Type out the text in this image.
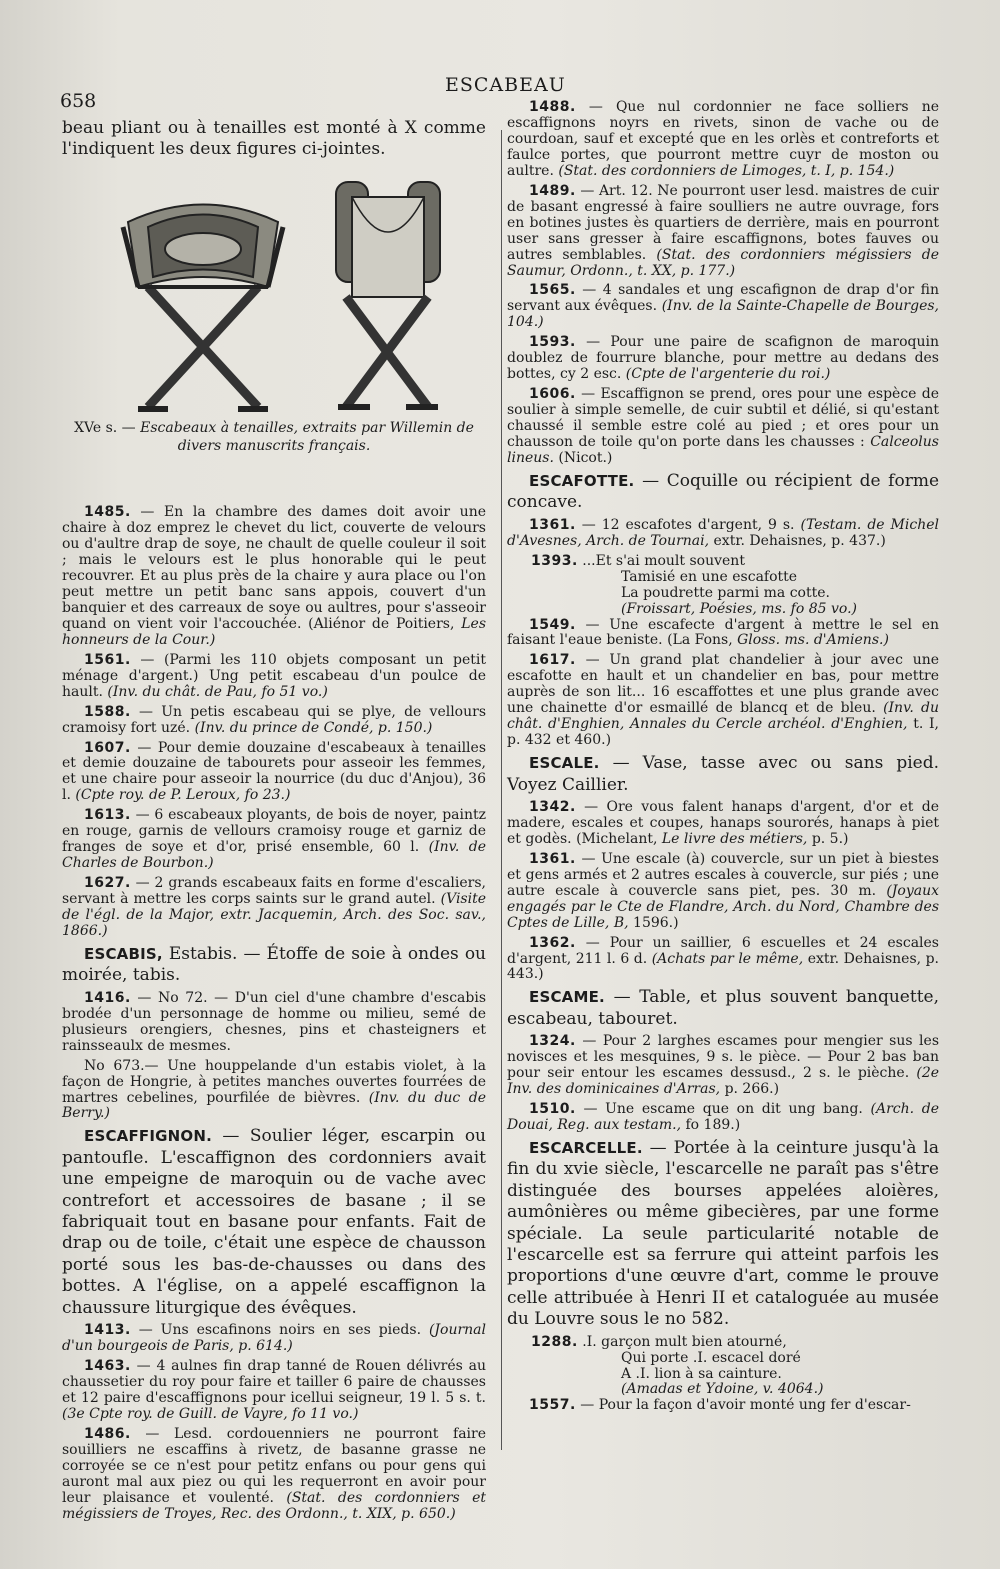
658
ESCABEAU

beau pliant ou à tenailles est monté à X comme l'indiquent les deux figures ci-jointes.

XVe s. — Escabeaux à tenailles, extraits par Willemin de divers manuscrits français.

1485. — En la chambre des dames doit avoir une chaire à doz emprez le chevet du lict, couverte de velours ou d'aultre drap de soye, ne chault de quelle couleur il soit ; mais le velours est le plus honorable qui le peut recouvrer. Et au plus près de la chaire y aura place ou l'on peut mettre un petit banc sans appois, couvert d'un banquier et des carreaux de soye ou aultres, pour s'asseoir quand on vient voir l'accouchée. (Aliénor de Poitiers, Les honneurs de la Cour.)

1561. — (Parmi les 110 objets composant un petit ménage d'argent.) Ung petit escabeau d'un poulce de hault. (Inv. du chât. de Pau, fo 51 vo.)

1588. — Un petis escabeau qui se plye, de vellours cramoisy fort uzé. (Inv. du prince de Condé, p. 150.)

1607. — Pour demie douzaine d'escabeaux à tenailles et demie douzaine de tabourets pour asseoir les femmes, et une chaire pour asseoir la nourrice (du duc d'Anjou), 36 l. (Cpte roy. de P. Leroux, fo 23.)

1613. — 6 escabeaux ployants, de bois de noyer, paintz en rouge, garnis de vellours cramoisy rouge et garniz de franges de soye et d'or, prisé ensemble, 60 l. (Inv. de Charles de Bourbon.)

1627. — 2 grands escabeaux faits en forme d'escaliers, servant à mettre les corps saints sur le grand autel. (Visite de l'égl. de la Major, extr. Jacquemin, Arch. des Soc. sav., 1866.)

ESCABIS, Estabis. — Étoffe de soie à ondes ou moirée, tabis.

1416. — No 72. — D'un ciel d'une chambre d'escabis brodée d'un personnage de homme ou milieu, semé de plusieurs orengiers, chesnes, pins et chasteigners et rainsseaulx de mesmes.

No 673.— Une houppelande d'un estabis violet, à la façon de Hongrie, à petites manches ouvertes fourrées de martres cebelines, pourfilée de bièvres. (Inv. du duc de Berry.)

ESCAFFIGNON. — Soulier léger, escarpin ou pantoufle. L'escaffignon des cordonniers avait une empeigne de maroquin ou de vache avec contrefort et accessoires de basane ; il se fabriquait tout en basane pour enfants. Fait de drap ou de toile, c'était une espèce de chausson porté sous les bas-de-chausses ou dans des bottes. A l'église, on a appelé escaffignon la chaussure liturgique des évêques.

1413. — Uns escafinons noirs en ses pieds. (Journal d'un bourgeois de Paris, p. 614.)

1463. — 4 aulnes fin drap tanné de Rouen délivrés au chaussetier du roy pour faire et tailler 6 paire de chausses et 12 paire d'escaffignons pour icellui seigneur, 19 l. 5 s. t. (3e Cpte roy. de Guill. de Vayre, fo 11 vo.)

1486. — Lesd. cordouenniers ne pourront faire souilliers ne escaffins à rivetz, de basanne grasse ne corroyée se ce n'est pour petitz enfans ou pour gens qui auront mal aux piez ou qui les requerront en avoir pour leur plaisance et voulenté. (Stat. des cordonniers et mégissiers de Troyes, Rec. des Ordonn., t. XIX, p. 650.)

1488. — Que nul cordonnier ne face solliers ne escaffignons noyrs en rivets, sinon de vache ou de courdoan, sauf et excepté que en les orlès et contreforts et faulce portes, que pourront mettre cuyr de moston ou aultre. (Stat. des cordonniers de Limoges, t. I, p. 154.)

1489. — Art. 12. Ne pourront user lesd. maistres de cuir de basant engressé à faire soulliers ne autre ouvrage, fors en botines justes ès quartiers de derrière, mais en pourront user sans gresser à faire escaffignons, botes fauves ou autres semblables. (Stat. des cordonniers mégissiers de Saumur, Ordonn., t. XX, p. 177.)

1565. — 4 sandales et ung escafignon de drap d'or fin servant aux évêques. (Inv. de la Sainte-Chapelle de Bourges, 104.)

1593. — Pour une paire de scafignon de maroquin doublez de fourrure blanche, pour mettre au dedans des bottes, cy 2 esc. (Cpte de l'argenterie du roi.)

1606. — Escaffignon se prend, ores pour une espèce de soulier à simple semelle, de cuir subtil et délié, si qu'estant chaussé il semble estre colé au pied ; et ores pour un chausson de toile qu'on porte dans les chausses : Calceolus lineus. (Nicot.)

ESCAFOTTE. — Coquille ou récipient de forme concave.

1361. — 12 escafotes d'argent, 9 s. (Testam. de Michel d'Avesnes, Arch. de Tournai, extr. Dehaisnes, p. 437.)

1393. ...Et s'ai moult souvent
Tamisié en une escafotte
La poudrette parmi ma cotte.
(Froissart, Poésies, ms. fo 85 vo.)

1549. — Une escafecte d'argent à mettre le sel en faisant l'eaue beniste. (La Fons, Gloss. ms. d'Amiens.)

1617. — Un grand plat chandelier à jour avec une escafotte en hault et un chandelier en bas, pour mettre auprès de son lit... 16 escaffottes et une plus grande avec une chainette d'or esmaillé de blancq et de bleu. (Inv. du chât. d'Enghien, Annales du Cercle archéol. d'Enghien, t. I, p. 432 et 460.)

ESCALE. — Vase, tasse avec ou sans pied. Voyez Caillier.

1342. — Ore vous falent hanaps d'argent, d'or et de madere, escales et coupes, hanaps sourorés, hanaps à piet et godès. (Michelant, Le livre des métiers, p. 5.)

1361. — Une escale (à) couvercle, sur un piet à biestes et gens armés et 2 autres escales à couvercle, sur piés ; une autre escale à couvercle sans piet, pes. 30 m. (Joyaux engagés par le Cte de Flandre, Arch. du Nord, Chambre des Cptes de Lille, B, 1596.)

1362. — Pour un saillier, 6 escuelles et 24 escales d'argent, 211 l. 6 d. (Achats par le même, extr. Dehaisnes, p. 443.)

ESCAME. — Table, et plus souvent banquette, escabeau, tabouret.

1324. — Pour 2 larghes escames pour mengier sus les novisces et les mesquines, 9 s. le pièce. — Pour 2 bas ban pour seir entour les escames dessusd., 2 s. le pièche. (2e Inv. des dominicaines d'Arras, p. 266.)

1510. — Une escame que on dit ung bang. (Arch. de Douai, Reg. aux testam., fo 189.)

ESCARCELLE. — Portée à la ceinture jusqu'à la fin du xvie siècle, l'escarcelle ne paraît pas s'être distinguée des bourses appelées aloières, aumônières ou même gibecières, par une forme spéciale. La seule particularité notable de l'escarcelle est sa ferrure qui atteint parfois les proportions d'une œuvre d'art, comme le prouve celle attribuée à Henri II et cataloguée au musée du Louvre sous le no 582.

1288. .I. garçon mult bien atourné,
Qui porte .I. escacel doré
A .I. lion à sa cainture.
(Amadas et Ydoine, v. 4064.)

1557. — Pour la façon d'avoir monté ung fer d'escar-
